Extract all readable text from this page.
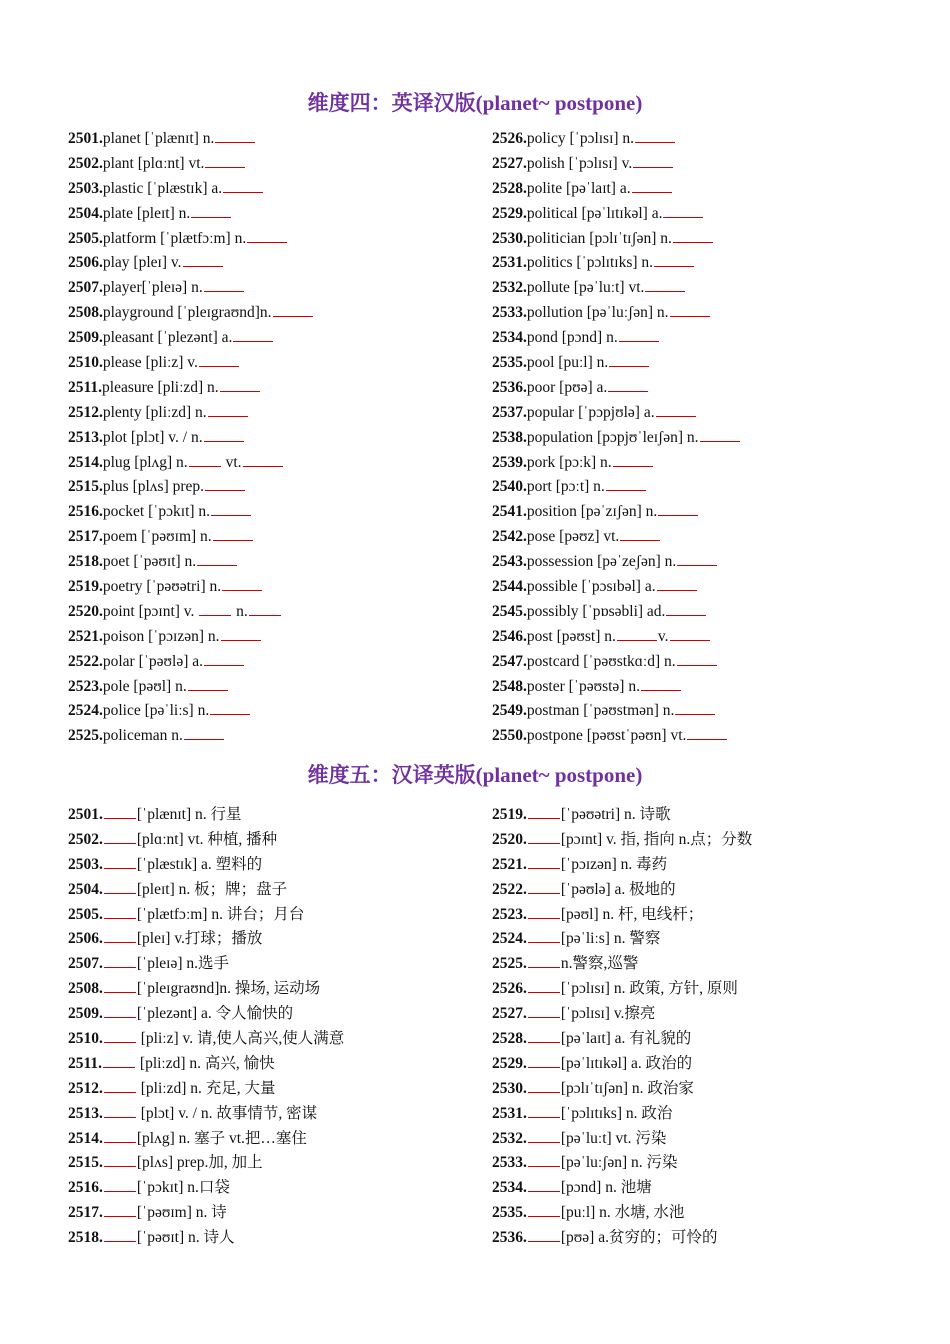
维度四：英译汉版(planet~ postpone)
2501.planet [ˈplænɪt] n.
2502.plant [plɑːnt] vt.
2503.plastic [ˈplæstɪk] a.
2504.plate [pleɪt] n.
2505.platform [ˈplætfɔːm] n.
2506.play [pleɪ] v.
2507.player[ˈpleɪə] n.
2508.playground [ˈpleɪgraʊnd]n.
2509.pleasant [ˈplezənt] a.
2510.please [pliːz] v.
2511.pleasure [pliːzd] n.
2512.plenty [pliːzd] n.
2513.plot [plɔt] v. / n.
2514.plug [plʌg] n. vt.
2515.plus [plʌs] prep.
2516.pocket [ˈpɔkɪt] n.
2517.poem [ˈpəʊɪm] n.
2518.poet [ˈpəʊɪt] n.
2519.poetry [ˈpəʊətri] n.
2520.point [pɔɪnt] v.  n.
2521.poison [ˈpɔɪzən] n.
2522.polar [ˈpəʊlə] a.
2523.pole [pəʊl] n.
2524.police [pəˈliːs] n.
2525.policeman n.
2526.policy [ˈpɔlɪsɪ] n.
2527.polish [ˈpɔlɪsɪ] v.
2528.polite [pəˈlaɪt] a.
2529.political [pəˈlɪtɪkəl] a.
2530.politician [pɔlɪˈtɪʃən] n.
2531.politics [ˈpɔlɪtɪks] n.
2532.pollute [pəˈluːt] vt.
2533.pollution [pəˈluːʃən] n.
2534.pond [pɔnd] n.
2535.pool [puːl] n.
2536.poor [pʊə] a.
2537.popular [ˈpɔpjʊlə] a.
2538.population [pɔpjʊˈleɪʃən] n.
2539.pork [pɔːk] n.
2540.port [pɔːt] n.
2541.position [pəˈzɪʃən] n.
2542.pose [pəʊz] vt.
2543.possession [pəˈzeʃən] n.
2544.possible [ˈpɔsɪbəl] a.
2545.possibly [ˈpɒsəbli] ad.
2546.post [pəʊst] n.	v.
2547.postcard [ˈpəʊstkɑːd] n.
2548.poster [ˈpəʊstə] n.
2549.postman [ˈpəʊstmən] n.
2550.postpone [pəʊstˈpəʊn] vt.
维度五：汉译英版(planet~ postpone)
2501. [ˈplænɪt] n. 行星
2502. [plɑːnt] vt. 种植, 播种
2503. [ˈplæstɪk] a. 塑料的
2504. [pleɪt] n. 板；牌；盘子
2505. [ˈplætfɔːm] n. 讲台；月台
2506. [pleɪ] v.打球；播放
2507. [ˈpleɪə] n.选手
2508. [ˈpleɪgraʊnd]n. 操场, 运动场
2509. [ˈplezənt] a. 令人愉快的
2510. [pliːz] v. 请,使人高兴,使人满意
2511. [pliːzd] n. 高兴, 愉快
2512. [pliːzd] n. 充足, 大量
2513. [plɔt] v. / n. 故事情节, 密谋
2514. [plʌg] n. 塞子 vt.把…塞住
2515. [plʌs] prep.加, 加上
2516. [ˈpɔkɪt] n.口袋
2517. [ˈpəʊɪm] n. 诗
2518. [ˈpəʊɪt] n. 诗人
2519. [ˈpəʊətri] n. 诗歌
2520. [pɔɪnt] v. 指, 指向 n.点；分数
2521. [ˈpɔɪzən] n. 毒药
2522. [ˈpəʊlə] a. 极地的
2523. [pəʊl] n. 杆, 电线杆；
2524. [pəˈliːs] n. 警察
2525. n.警察,巡警
2526. [ˈpɔlɪsɪ] n. 政策, 方针, 原则
2527. [ˈpɔlɪsɪ] v.擦亮
2528. [pəˈlaɪt] a. 有礼貌的
2529. [pəˈlɪtɪkəl] a. 政治的
2530. [pɔlɪˈtɪʃən] n. 政治家
2531. [ˈpɔlɪtɪks] n. 政治
2532. [pəˈluːt] vt. 污染
2533. [pəˈluːʃən] n. 污染
2534. [pɔnd] n. 池塘
2535. [puːl] n. 水塘, 水池
2536. [pʊə] a.贫穷的；可怜的
